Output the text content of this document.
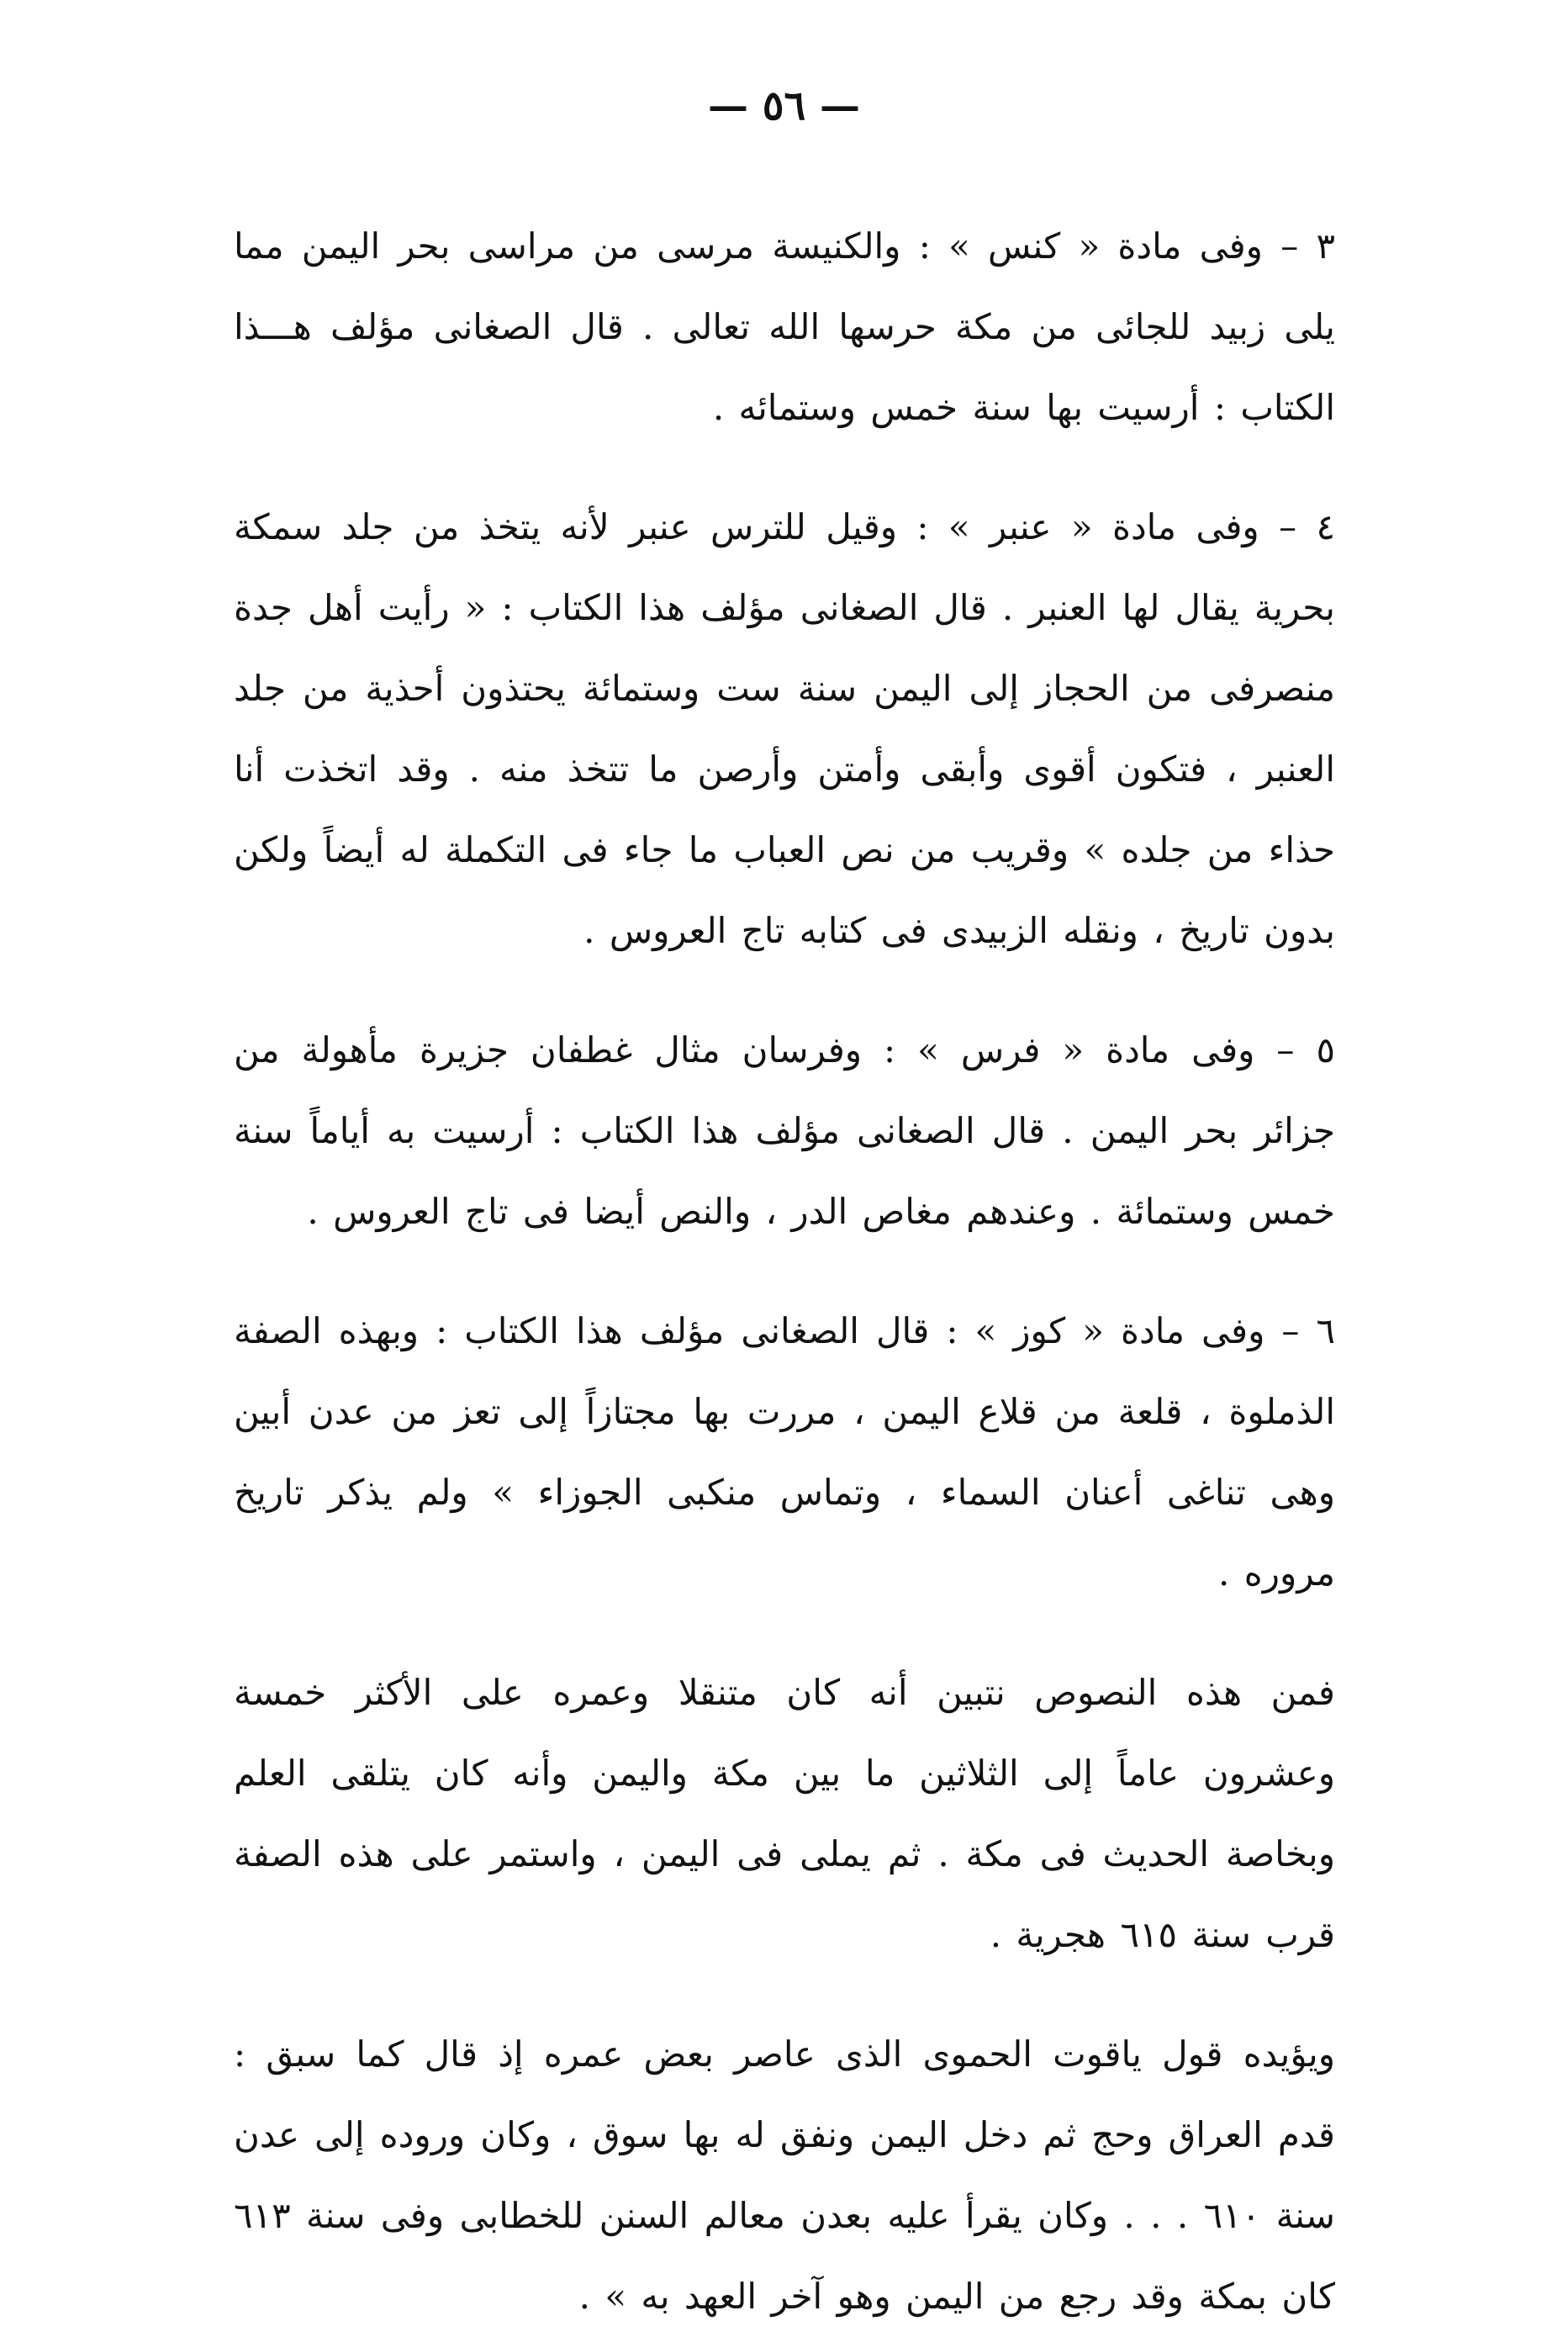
— ٥٦ —

٣ – وفى مادة « كنس » : والكنيسة مرسى من مراسى بحر اليمن مما يلى زبيد للجائى من مكة حرسها الله تعالى . قال الصغانى مؤلف هـــذا الكتاب : أرسيت بها سنة خمس وستمائه .

٤ – وفى مادة « عنبر » : وقيل للترس عنبر لأنه يتخذ من جلد سمكة بحرية يقال لها العنبر . قال الصغانى مؤلف هذا الكتاب : « رأيت أهل جدة منصرفى من الحجاز إلى اليمن سنة ست وستمائة يحتذون أحذية من جلد العنبر ، فتكون أقوى وأبقى وأمتن وأرصن ما تتخذ منه . وقد اتخذت أنا حذاء من جلده » وقريب من نص العباب ما جاء فى التكملة له أيضاً ولكن بدون تاريخ ، ونقله الزبيدى فى كتابه تاج العروس .

٥ – وفى مادة « فرس » : وفرسان مثال غطفان جزيرة مأهولة من جزائر بحر اليمن . قال الصغانى مؤلف هذا الكتاب : أرسيت به أياماً سنة خمس وستمائة . وعندهم مغاص الدر ، والنص أيضا فى تاج العروس .

٦ – وفى مادة « كوز » : قال الصغانى مؤلف هذا الكتاب : وبهذه الصفة الذملوة ، قلعة من قلاع اليمن ، مررت بها مجتازاً إلى تعز من عدن أبين وهى تناغى أعنان السماء ، وتماس منكبى الجوزاء » ولم يذكر تاريخ مروره .

فمن هذه النصوص نتبين أنه كان متنقلا وعمره على الأكثر خمسة وعشرون عاماً إلى الثلاثين ما بين مكة واليمن وأنه كان يتلقى العلم وبخاصة الحديث فى مكة . ثم يملى فى اليمن ، واستمر على هذه الصفة قرب سنة ٦١٥ هجرية .

ويؤيده قول ياقوت الحموى الذى عاصر بعض عمره إذ قال كما سبق : قدم العراق وحج ثم دخل اليمن ونفق له بها سوق ، وكان وروده إلى عدن سنة ٦١٠ . . . وكان يقرأ عليه بعدن معالم السنن للخطابى وفى سنة ٦١٣ كان بمكة وقد رجع من اليمن وهو آخر العهد به » .
